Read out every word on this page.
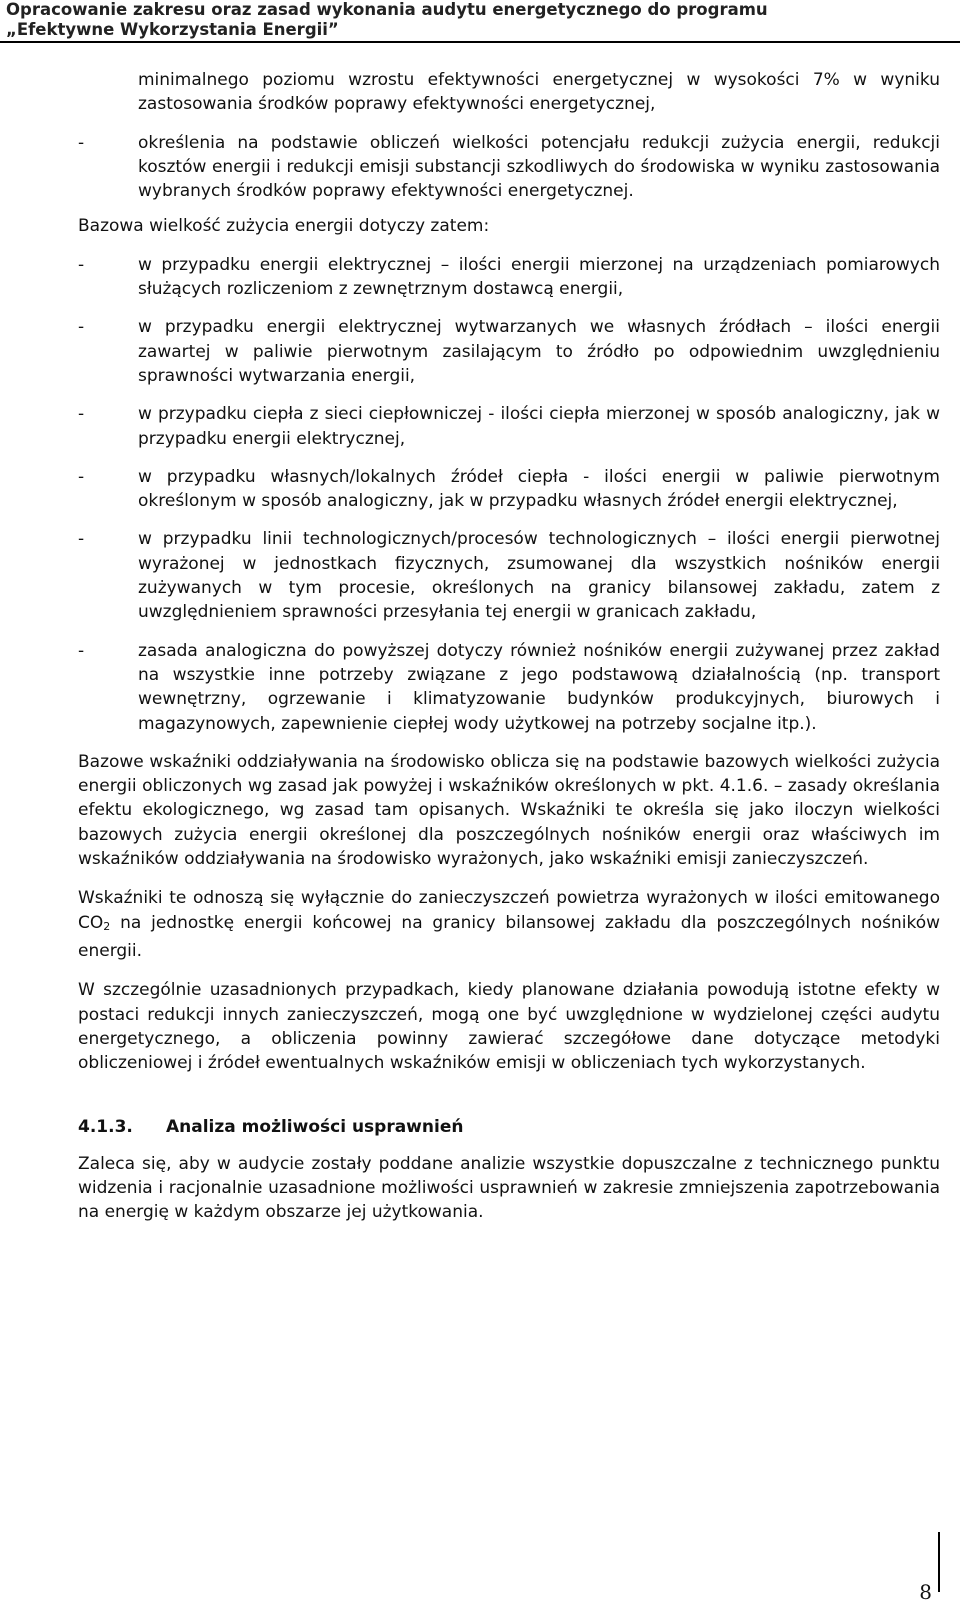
Opracowanie zakresu oraz zasad wykonania audytu energetycznego do programu
„Efektywne Wykorzystania Energii”

minimalnego poziomu wzrostu efektywności energetycznej w wysokości 7% w wyniku zastosowania środków poprawy efektywności energetycznej,

-	określenia na podstawie obliczeń wielkości potencjału redukcji zużycia energii, redukcji kosztów energii i redukcji emisji substancji szkodliwych do środowiska w wyniku zastosowania wybranych środków poprawy efektywności energetycznej.

Bazowa wielkość zużycia energii dotyczy zatem:

-	w przypadku energii elektrycznej – ilości energii mierzonej na urządzeniach pomiarowych służących rozliczeniom z zewnętrznym dostawcą energii,

-	w przypadku energii elektrycznej wytwarzanych we własnych źródłach – ilości energii zawartej w paliwie pierwotnym zasilającym to źródło po odpowiednim uwzględnieniu sprawności wytwarzania energii,

-	w przypadku ciepła z sieci ciepłowniczej - ilości ciepła mierzonej w sposób analogiczny, jak w przypadku energii elektrycznej,

-	w przypadku własnych/lokalnych źródeł ciepła - ilości energii w paliwie pierwotnym określonym w sposób analogiczny, jak w przypadku własnych źródeł energii elektrycznej,

-	w przypadku linii technologicznych/procesów technologicznych – ilości energii pierwotnej wyrażonej w jednostkach fizycznych, zsumowanej dla wszystkich nośników energii zużywanych w tym procesie, określonych na granicy bilansowej zakładu, zatem z uwzględnieniem sprawności przesyłania tej energii w granicach zakładu,

-	zasada analogiczna do powyższej dotyczy również nośników energii zużywanej przez zakład na wszystkie inne potrzeby związane z jego podstawową działalnością (np. transport wewnętrzny, ogrzewanie i klimatyzowanie budynków produkcyjnych, biurowych i magazynowych, zapewnienie ciepłej wody użytkowej na potrzeby socjalne itp.).

Bazowe wskaźniki oddziaływania na środowisko oblicza się na podstawie bazowych wielkości zużycia energii obliczonych wg zasad jak powyżej i wskaźników określonych w pkt. 4.1.6. – zasady określania efektu ekologicznego, wg zasad tam opisanych. Wskaźniki te określa się jako iloczyn wielkości bazowych zużycia energii określonej dla poszczególnych nośników energii oraz właściwych im wskaźników oddziaływania na środowisko wyrażonych, jako wskaźniki emisji zanieczyszczeń.

Wskaźniki te odnoszą się wyłącznie do zanieczyszczeń powietrza wyrażonych w ilości emitowanego CO2 na jednostkę energii końcowej na granicy bilansowej zakładu dla poszczególnych nośników energii.

W szczególnie uzasadnionych przypadkach, kiedy planowane działania powodują istotne efekty w postaci redukcji innych zanieczyszczeń, mogą one być uwzględnione w wydzielonej części audytu energetycznego, a obliczenia powinny zawierać szczegółowe dane dotyczące metodyki obliczeniowej i źródeł ewentualnych wskaźników emisji w obliczeniach tych wykorzystanych.

4.1.3.	Analiza możliwości usprawnień

Zaleca się, aby w audycie zostały poddane analizie wszystkie dopuszczalne z technicznego punktu widzenia i racjonalnie uzasadnione możliwości usprawnień w zakresie zmniejszenia zapotrzebowania na energię w każdym obszarze jej użytkowania.

8
